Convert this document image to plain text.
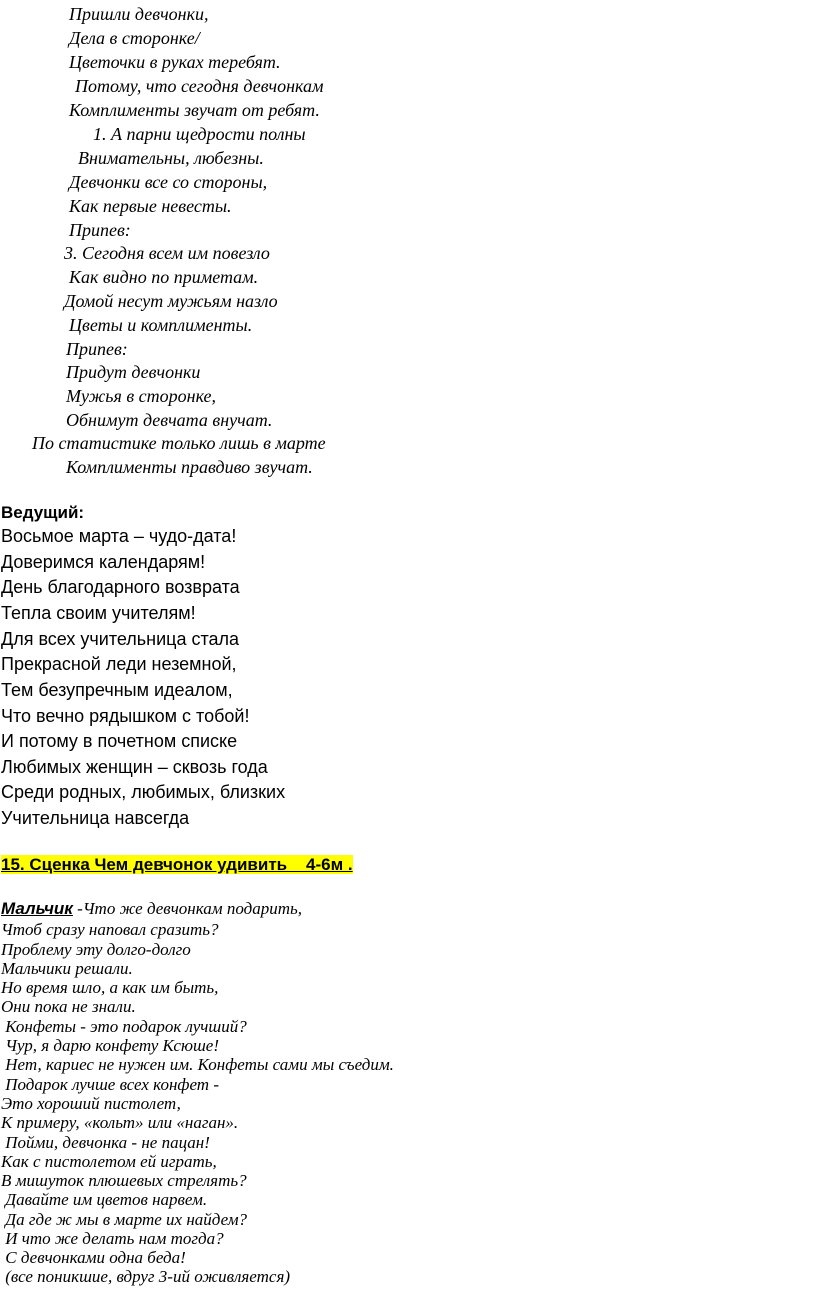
Пришли девчонки,
Дела в сторонке/
Цветочки в руках теребят.
Потому, что сегодня девчонкам
Комплименты звучат от ребят.
1. А парни щедрости полны
Внимательны, любезны.
Девчонки все со стороны,
Как первые невесты.
Припев:
3. Сегодня всем им повезло
Как видно по приметам.
Домой несут мужьям назло
Цветы и комплименты.
Припев:
Придут девчонки
Мужья в сторонке,
Обнимут девчата внучат.
По статистике только лишь в марте
Комплименты правдиво звучат.
Ведущий:
Восьмое марта – чудо-дата!
Доверимся календарям!
День благодарного возврата
Тепла своим учителям!
Для всех учительница стала
Прекрасной леди неземной,
Тем безупречным идеалом,
Что вечно рядышком с тобой!
И потому в почетном списке
Любимых женщин – сквозь года
Среди родных, любимых, близких
Учительница навсегда
15. Сценка Чем девчонок удивить    4-6м .
Мальчик -Что же девчонкам подарить,
Чтоб сразу наповал сразить?
Проблему эту долго-долго
Мальчики решали.
Но время шло, а как им быть,
Они пока не знали.
Конфеты - это подарок лучший?
Чур, я дарю конфету Ксюше!
Нет, кариес не нужен им. Конфеты сами мы съедим.
Подарок лучше всех конфет -
Это хороший пистолет,
К примеру, «кольт» или «наган».
Пойми, девчонка - не пацан!
Как с пистолетом ей играть,
В мишуток плюшевых стрелять?
Давайте им цветов нарвем.
Да где ж мы в марте их найдем?
И что же делать нам тогда?
С девчонками одна беда!
(все поникшие, вдруг 3-ий оживляется)
